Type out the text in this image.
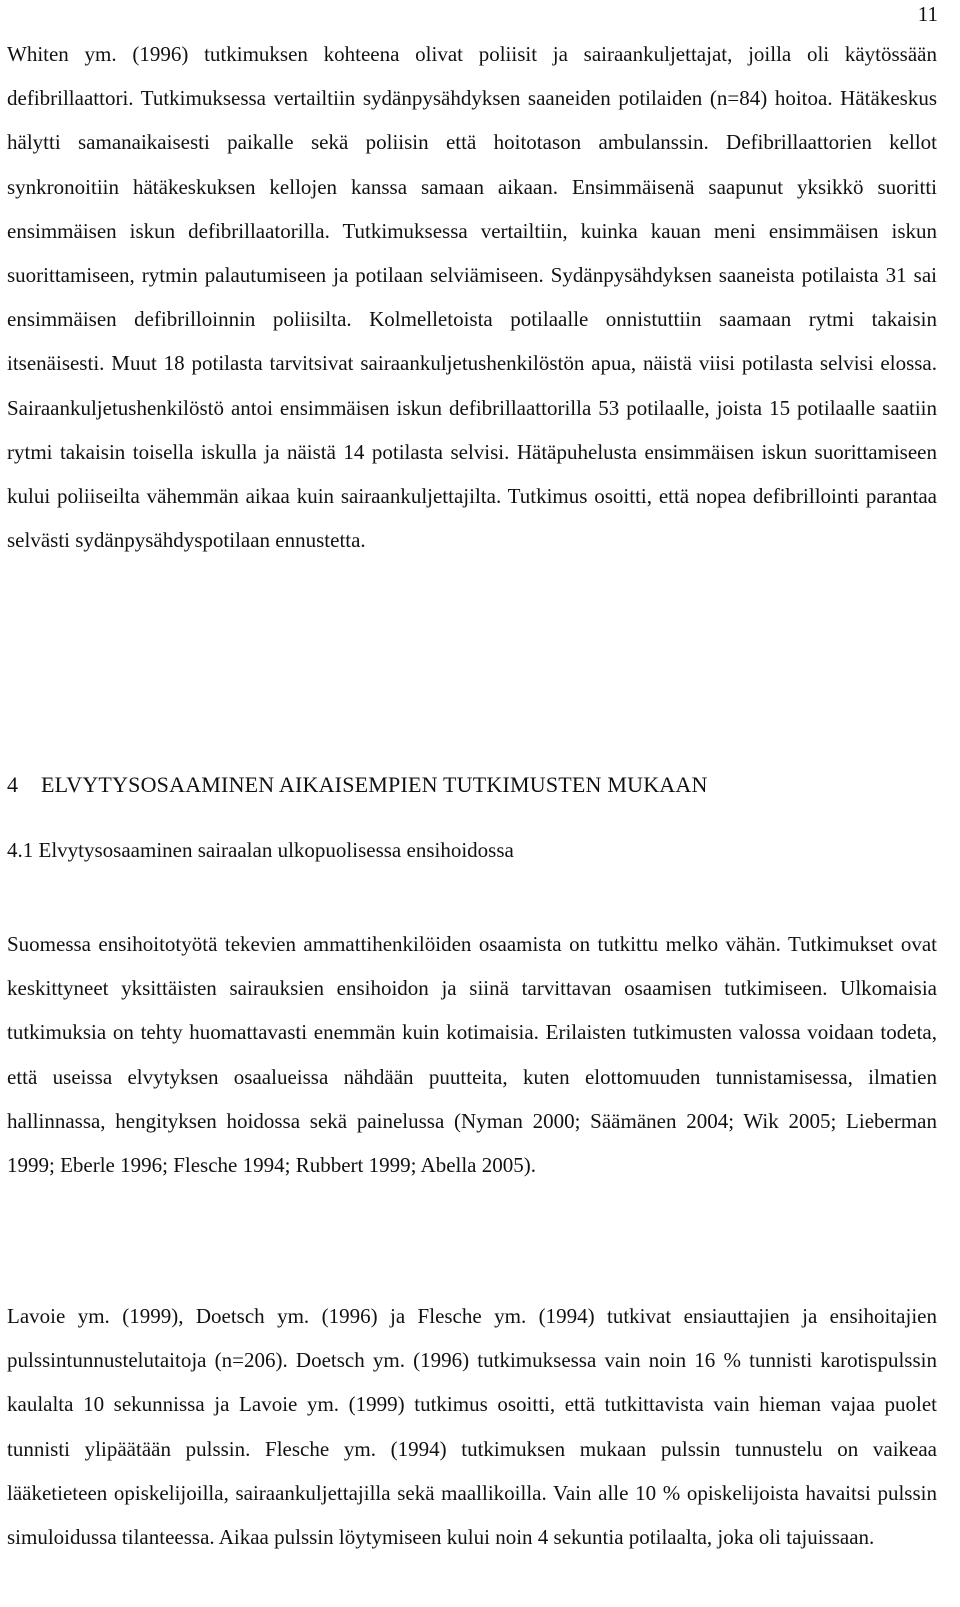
11

Whiten ym. (1996) tutkimuksen kohteena olivat poliisit ja sairaankuljettajat, joilla oli käytössään defibrillaattori. Tutkimuksessa vertailtiin sydänpysähdyksen saaneiden potilaiden (n=84) hoitoa. Hätäkeskus hälytti samanaikaisesti paikalle sekä poliisin että hoitotason ambulanssin. Defibrillaattorien kellot synkronoitiin hätäkeskuksen kellojen kanssa samaan aikaan. Ensimmäisenä saapunut yksikkö suoritti ensimmäisen iskun defibrillaatorilla. Tutkimuksessa vertailtiin, kuinka kauan meni ensimmäisen iskun suorittamiseen, rytmin palautumiseen ja potilaan selviämiseen. Sydänpysähdyksen saaneista potilaista 31 sai ensimmäisen defibrilloinnin poliisilta. Kolmelletoista potilaalle onnistuttiin saamaan rytmi takaisin itsenäisesti. Muut 18 potilasta tarvitsivat sairaankuljetushenkilöstön apua, näistä viisi potilasta selvisi elossa. Sairaankuljetushenkilöstö antoi ensimmäisen iskun defibrillaattorilla 53 potilaalle, joista 15 potilaalle saatiin rytmi takaisin toisella iskulla ja näistä 14 potilasta selvisi. Hätäpuhelusta ensimmäisen iskun suorittamiseen kului poliiseilta vähemmän aikaa kuin sairaankuljettajilta. Tutkimus osoitti, että nopea defibrillointi parantaa selvästi sydänpysähdyspotilaan ennustetta.

4 ELVYTYSOSAAMINEN AIKAISEMPIEN TUTKIMUSTEN MUKAAN
4.1 Elvytysosaaminen sairaalan ulkopuolisessa ensihoidossa

Suomessa ensihoitotyötä tekevien ammattihenkilöiden osaamista on tutkittu melko vähän. Tutkimukset ovat keskittyneet yksittäisten sairauksien ensihoidon ja siinä tarvittavan osaamisen tutkimiseen. Ulkomaisia tutkimuksia on tehty huomattavasti enemmän kuin kotimaisia. Erilaisten tutkimusten valossa voidaan todeta, että useissa elvytyksen osaalueissa nähdään puutteita, kuten elottomuuden tunnistamisessa, ilmatien hallinnassa, hengityksen hoidossa sekä painelussa (Nyman 2000; Säämänen 2004; Wik 2005; Lieberman 1999; Eberle 1996; Flesche 1994; Rubbert 1999; Abella 2005).

Lavoie ym. (1999), Doetsch ym. (1996) ja Flesche ym. (1994) tutkivat ensiauttajien ja ensihoitajien pulssintunnustelutaitoja (n=206). Doetsch ym. (1996) tutkimuksessa vain noin 16 % tunnisti karotispulssin kaulalta 10 sekunnissa ja Lavoie ym. (1999) tutkimus osoitti, että tutkittavista vain hieman vajaa puolet tunnisti ylipäätään pulssin. Flesche ym. (1994) tutkimuksen mukaan pulssin tunnustelu on vaikeaa lääketieteen opiskelijoilla, sairaankuljettajilla sekä maallikoilla. Vain alle 10 % opiskelijoista havaitsi pulssin simuloidussa tilanteessa. Aikaa pulssin löytymiseen kului noin 4 sekuntia potilaalta, joka oli tajuissaan.
